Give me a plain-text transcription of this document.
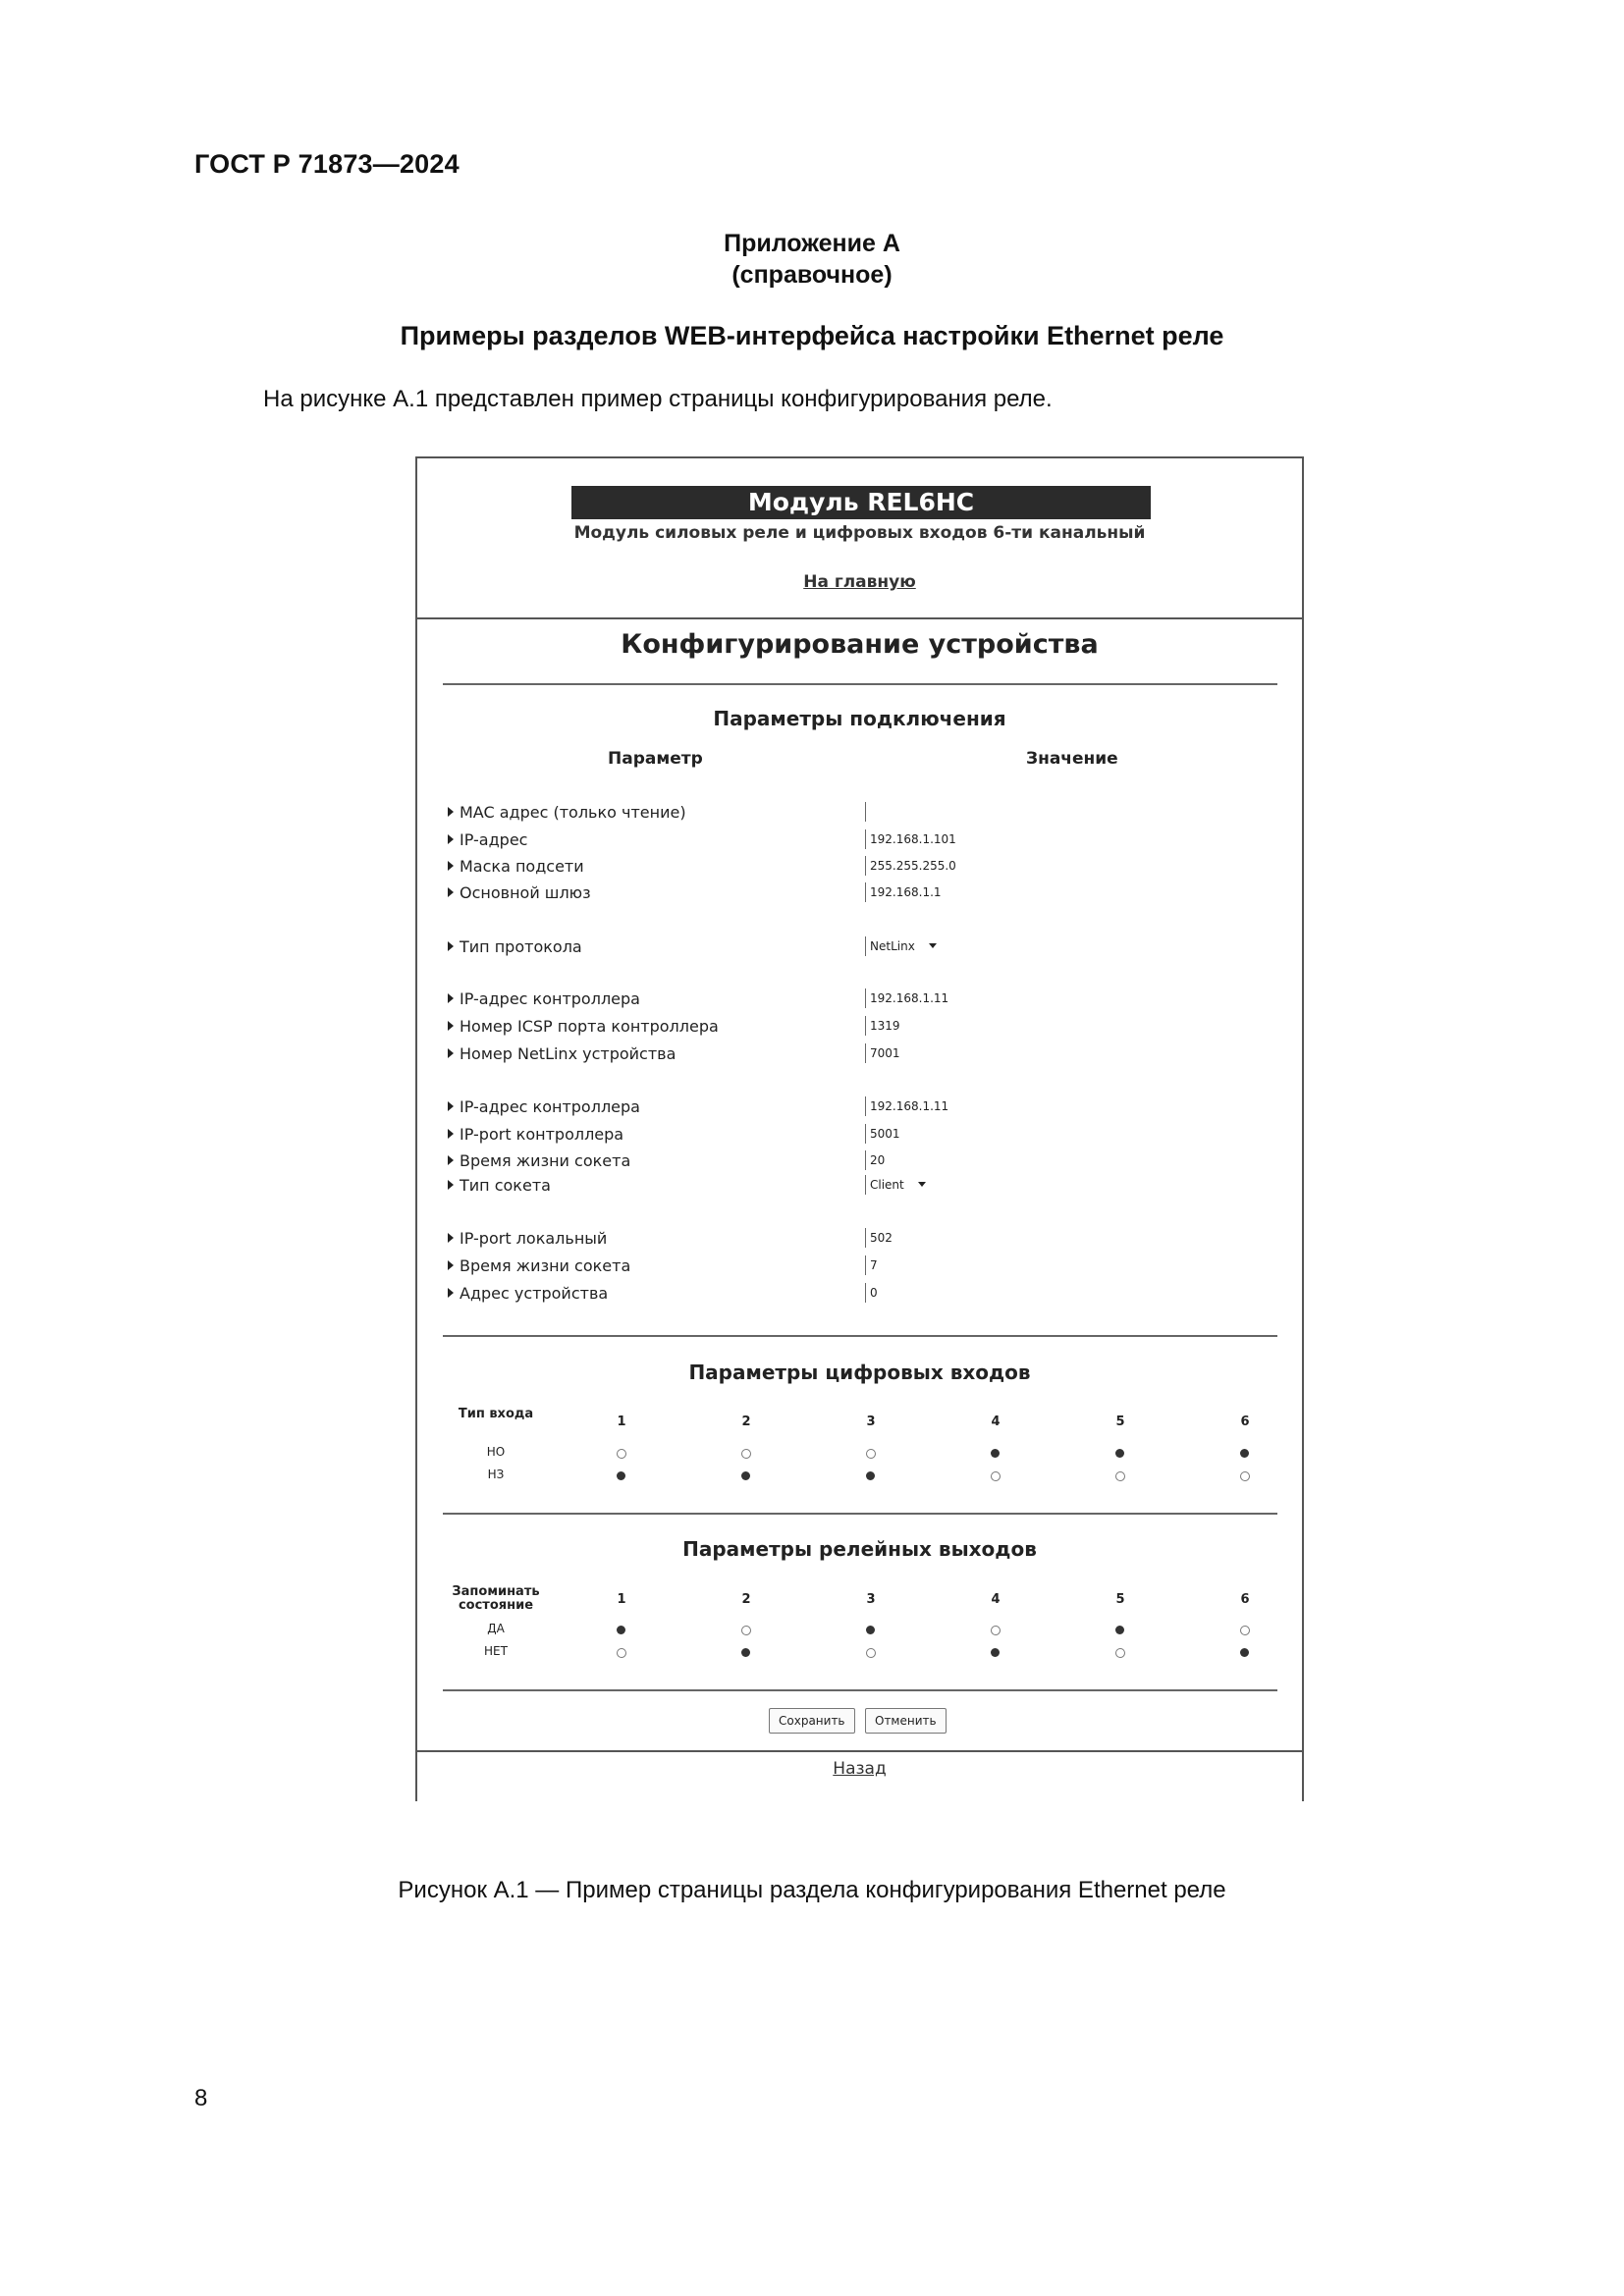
ГОСТ Р 71873—2024
Приложение А
(справочное)
Примеры разделов WEB-интерфейса настройки Ethernet реле
На рисунке А.1 представлен пример страницы конфигурирования реле.
Модуль REL6HC
Модуль силовых реле и цифровых входов 6-ти канальный
На главную
Конфигурирование устройства
Параметры подключения
Параметр	Значение
MAC адрес (только чтение)
IP-адрес	192.168.1.101
Маска подсети	255.255.255.0
Основной шлюз	192.168.1.1
Тип протокола	NetLinx
IP-адрес контроллера	192.168.1.11
Номер ICSP порта контроллера	1319
Номер NetLinx устройства	7001
IP-адрес контроллера	192.168.1.11
IP-port контроллера	5001
Время жизни сокета	20
Тип сокета	Client
IP-port локальный	502
Время жизни сокета	7
Адрес устройства	0
Параметры цифровых входов
Тип входа
1	2	3	4	5	6
НО
НЗ
Параметры релейных выходов
Запоминать состояние	1	2	3	4	5	6
ДА
НЕТ
Сохранить	Отменить
Назад
Рисунок А.1 — Пример страницы раздела конфигурирования Ethernet реле
8
